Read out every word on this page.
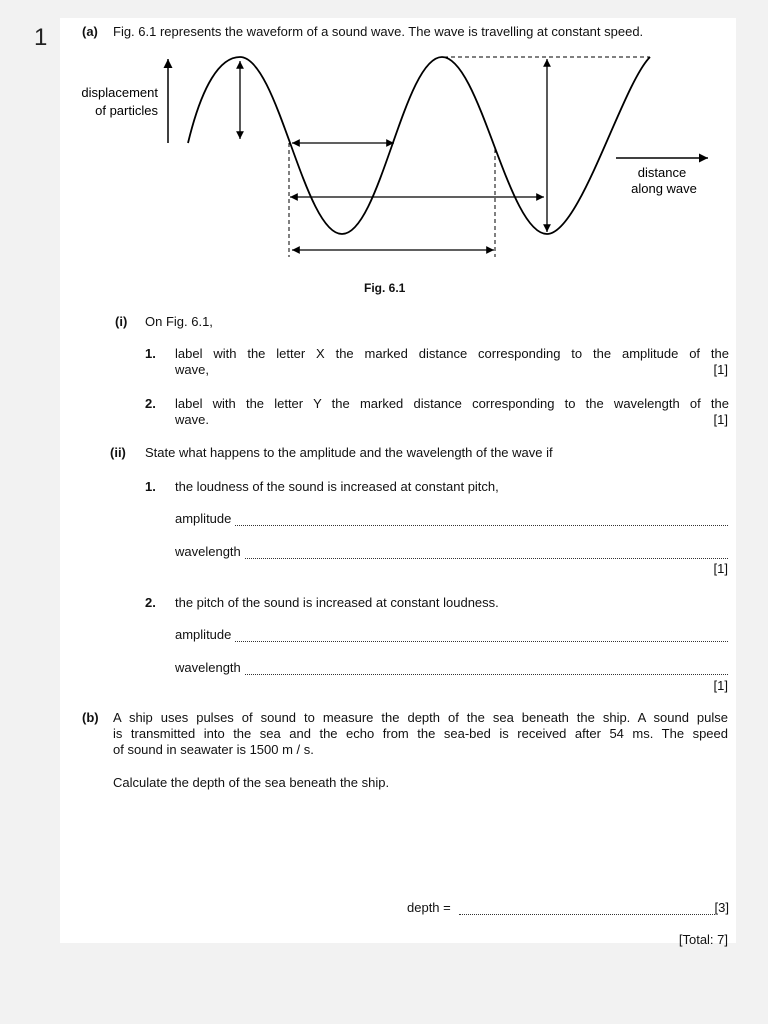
1	(a) Fig. 6.1 represents the waveform of a sound wave. The wave is travelling at constant speed.
displacement
of particles
distance
along wave
Fig. 6.1
(i) On Fig. 6.1,
1. label with the letter X the marked distance corresponding to the amplitude of the
wave,	[1]
2. label with the letter Y the marked distance corresponding to the wavelength of the
wave.	[1]
(ii) State what happens to the amplitude and the wavelength of the wave if
1. the loudness of the sound is increased at constant pitch,
amplitude
wavelength
[1]
2. the pitch of the sound is increased at constant loudness.
amplitude
wavelength
[1]
(b) A ship uses pulses of sound to measure the depth of the sea beneath the ship. A sound pulse
is transmitted into the sea and the echo from the sea-bed is received after 54 ms. The speed
of sound in seawater is 1500 m / s.
Calculate the depth of the sea beneath the ship.
depth =	[3]
[Total: 7]
